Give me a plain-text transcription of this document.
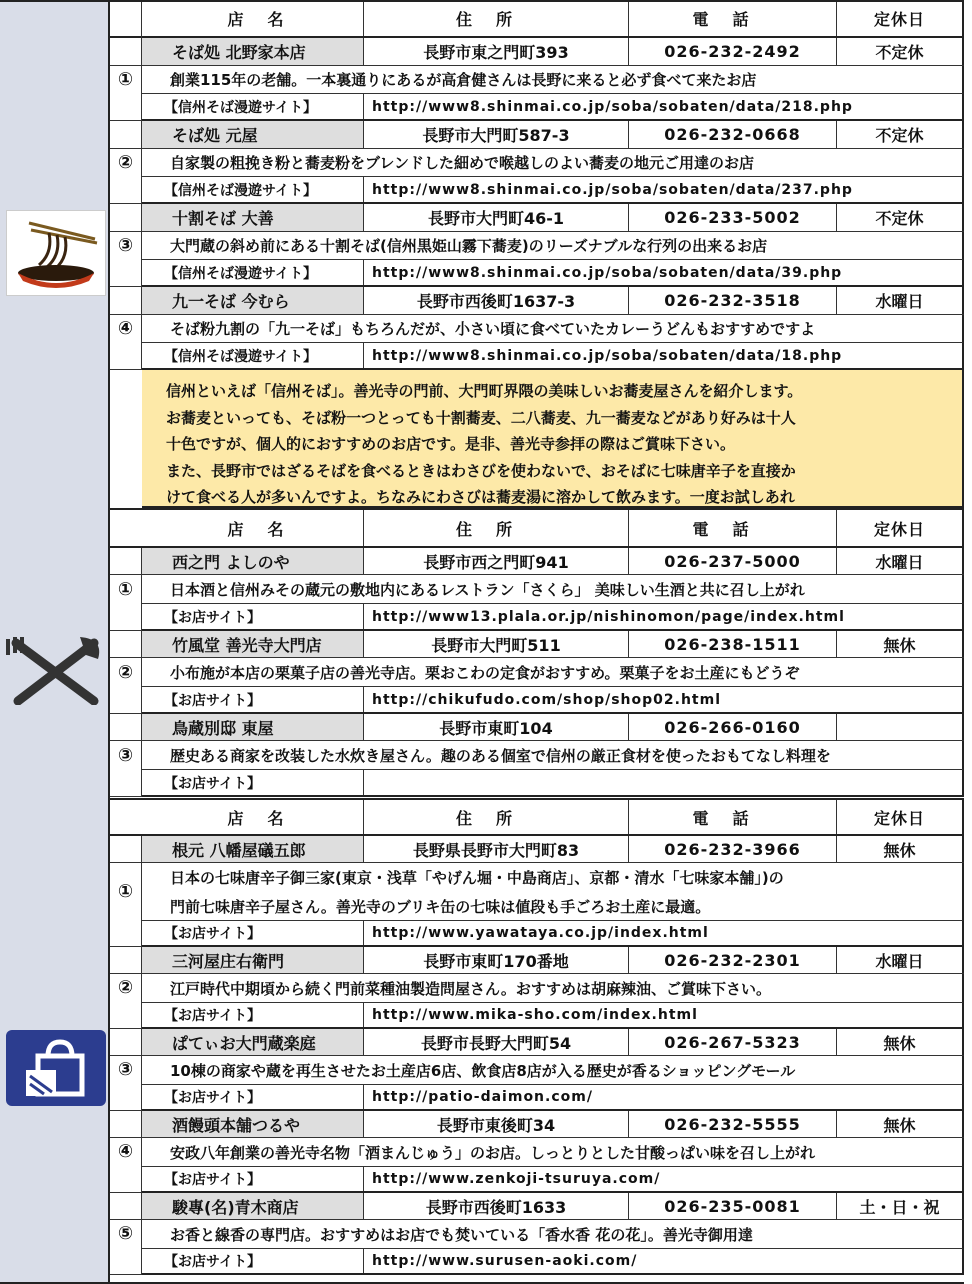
店名	住所	電話	定休日
①
そば処 北野家本店	長野市東之門町393	026-232-2492	不定休
創業115年の老舗。一本裏通りにあるが高倉健さんは長野に来ると必ず食べて来たお店
【信州そば漫遊サイト】	http://www8.shinmai.co.jp/soba/sobaten/data/218.php
②
そば処 元屋	長野市大門町587-3	026-232-0668	不定休
自家製の粗挽き粉と蕎麦粉をブレンドした細めで喉越しのよい蕎麦の地元ご用達のお店
【信州そば漫遊サイト】	http://www8.shinmai.co.jp/soba/sobaten/data/237.php
③
十割そば 大善	長野市大門町46-1	026-233-5002	不定休
大門蔵の斜め前にある十割そば(信州黒姫山霧下蕎麦)のリーズナブルな行列の出来るお店
【信州そば漫遊サイト】	http://www8.shinmai.co.jp/soba/sobaten/data/39.php
④
九一そば 今むら	長野市西後町1637-3	026-232-3518	水曜日
そば粉九割の「九一そば」もちろんだが、小さい頃に食べていたカレーうどんもおすすめですよ
【信州そば漫遊サイト】	http://www8.shinmai.co.jp/soba/sobaten/data/18.php
信州といえば「信州そば」。善光寺の門前、大門町界隈の美味しいお蕎麦屋さんを紹介します。
お蕎麦といっても、そば粉一つとっても十割蕎麦、二八蕎麦、九一蕎麦などがあり好みは十人
十色ですが、個人的におすすめのお店です。是非、善光寺参拝の際はご賞味下さい。
また、長野市ではざるそばを食べるときはわさびを使わないで、おそばに七味唐辛子を直接か
けて食べる人が多いんですよ。ちなみにわさびは蕎麦湯に溶かして飲みます。一度お試しあれ
店名	住所	電話	定休日
①
西之門 よしのや	長野市西之門町941	026-237-5000	水曜日
日本酒と信州みその蔵元の敷地内にあるレストラン「さくら」 美味しい生酒と共に召し上がれ
【お店サイト】	http://www13.plala.or.jp/nishinomon/page/index.html
②
竹風堂 善光寺大門店	長野市大門町511	026-238-1511	無休
小布施が本店の栗菓子店の善光寺店。栗おこわの定食がおすすめ。栗菓子をお土産にもどうぞ
【お店サイト】	http://chikufudo.com/shop/shop02.html
③
鳥蔵別邸 東屋	長野市東町104	026-266-0160
歴史ある商家を改装した水炊き屋さん。趣のある個室で信州の厳正食材を使ったおもてなし料理を
【お店サイト】
店名	住所	電話	定休日
①
根元 八幡屋礒五郎	長野県長野市大門町83	026-232-3966	無休
日本の七味唐辛子御三家(東京・浅草「やげん堀・中島商店」、京都・清水「七味家本舗」)の
門前七味唐辛子屋さん。善光寺のブリキ缶の七味は値段も手ごろお土産に最適。
【お店サイト】	http://www.yawataya.co.jp/index.html
②
三河屋庄右衛門	長野市東町170番地	026-232-2301	水曜日
江戸時代中期頃から続く門前菜種油製造問屋さん。おすすめは胡麻辣油、ご賞味下さい。
【お店サイト】	http://www.mika-sho.com/index.html
③
ぱてぃお大門蔵楽庭	長野市長野大門町54	026-267-5323	無休
10棟の商家や蔵を再生させたお土産店6店、飲食店8店が入る歴史が香るショッピングモール
【お店サイト】	http://patio-daimon.com/
④
酒饅頭本舗つるや	長野市東後町34	026-232-5555	無休
安政八年創業の善光寺名物「酒まんじゅう」のお店。しっとりとした甘酸っぱい味を召し上がれ
【お店サイト】	http://www.zenkoji-tsuruya.com/
⑤
駿專(名)青木商店	長野市西後町1633	026-235-0081	土・日・祝
お香と線香の専門店。おすすめはお店でも焚いている「香水香 花の花」。善光寺御用達
【お店サイト】	http://www.surusen-aoki.com/
